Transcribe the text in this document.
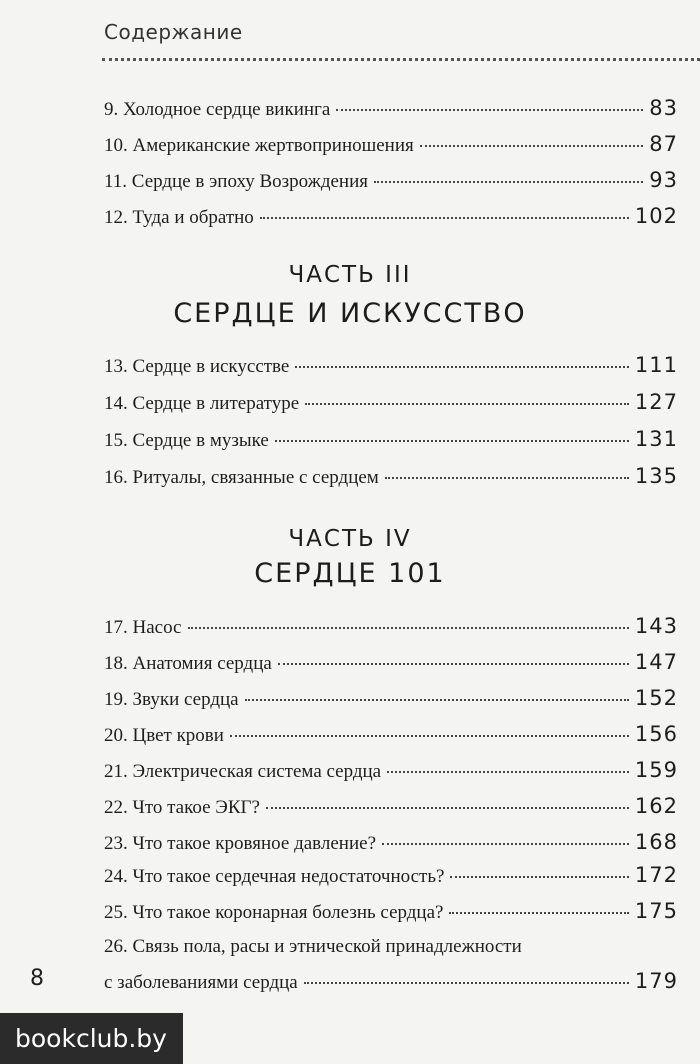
Содержание
9. Холодное сердце викинга	83
10. Американские жертвоприношения	87
11. Сердце в эпоху Возрождения	93
12. Туда и обратно	102
ЧАСТЬ III
СЕРДЦЕ И ИСКУССТВО
13. Сердце в искусстве	111
14. Сердце в литературе	127
15. Сердце в музыке	131
16. Ритуалы, связанные с сердцем	135
ЧАСТЬ IV
СЕРДЦЕ 101
17. Насос	143
18. Анатомия сердца	147
19. Звуки сердца	152
20. Цвет крови	156
21. Электрическая система сердца	159
22. Что такое ЭКГ?	162
23. Что такое кровяное давление?	168
24. Что такое сердечная недостаточность?	172
25. Что такое коронарная болезнь сердца?	175
26. Связь пола, расы и этнической принадлежности
с заболеваниями сердца	179
8
bookclub.by
